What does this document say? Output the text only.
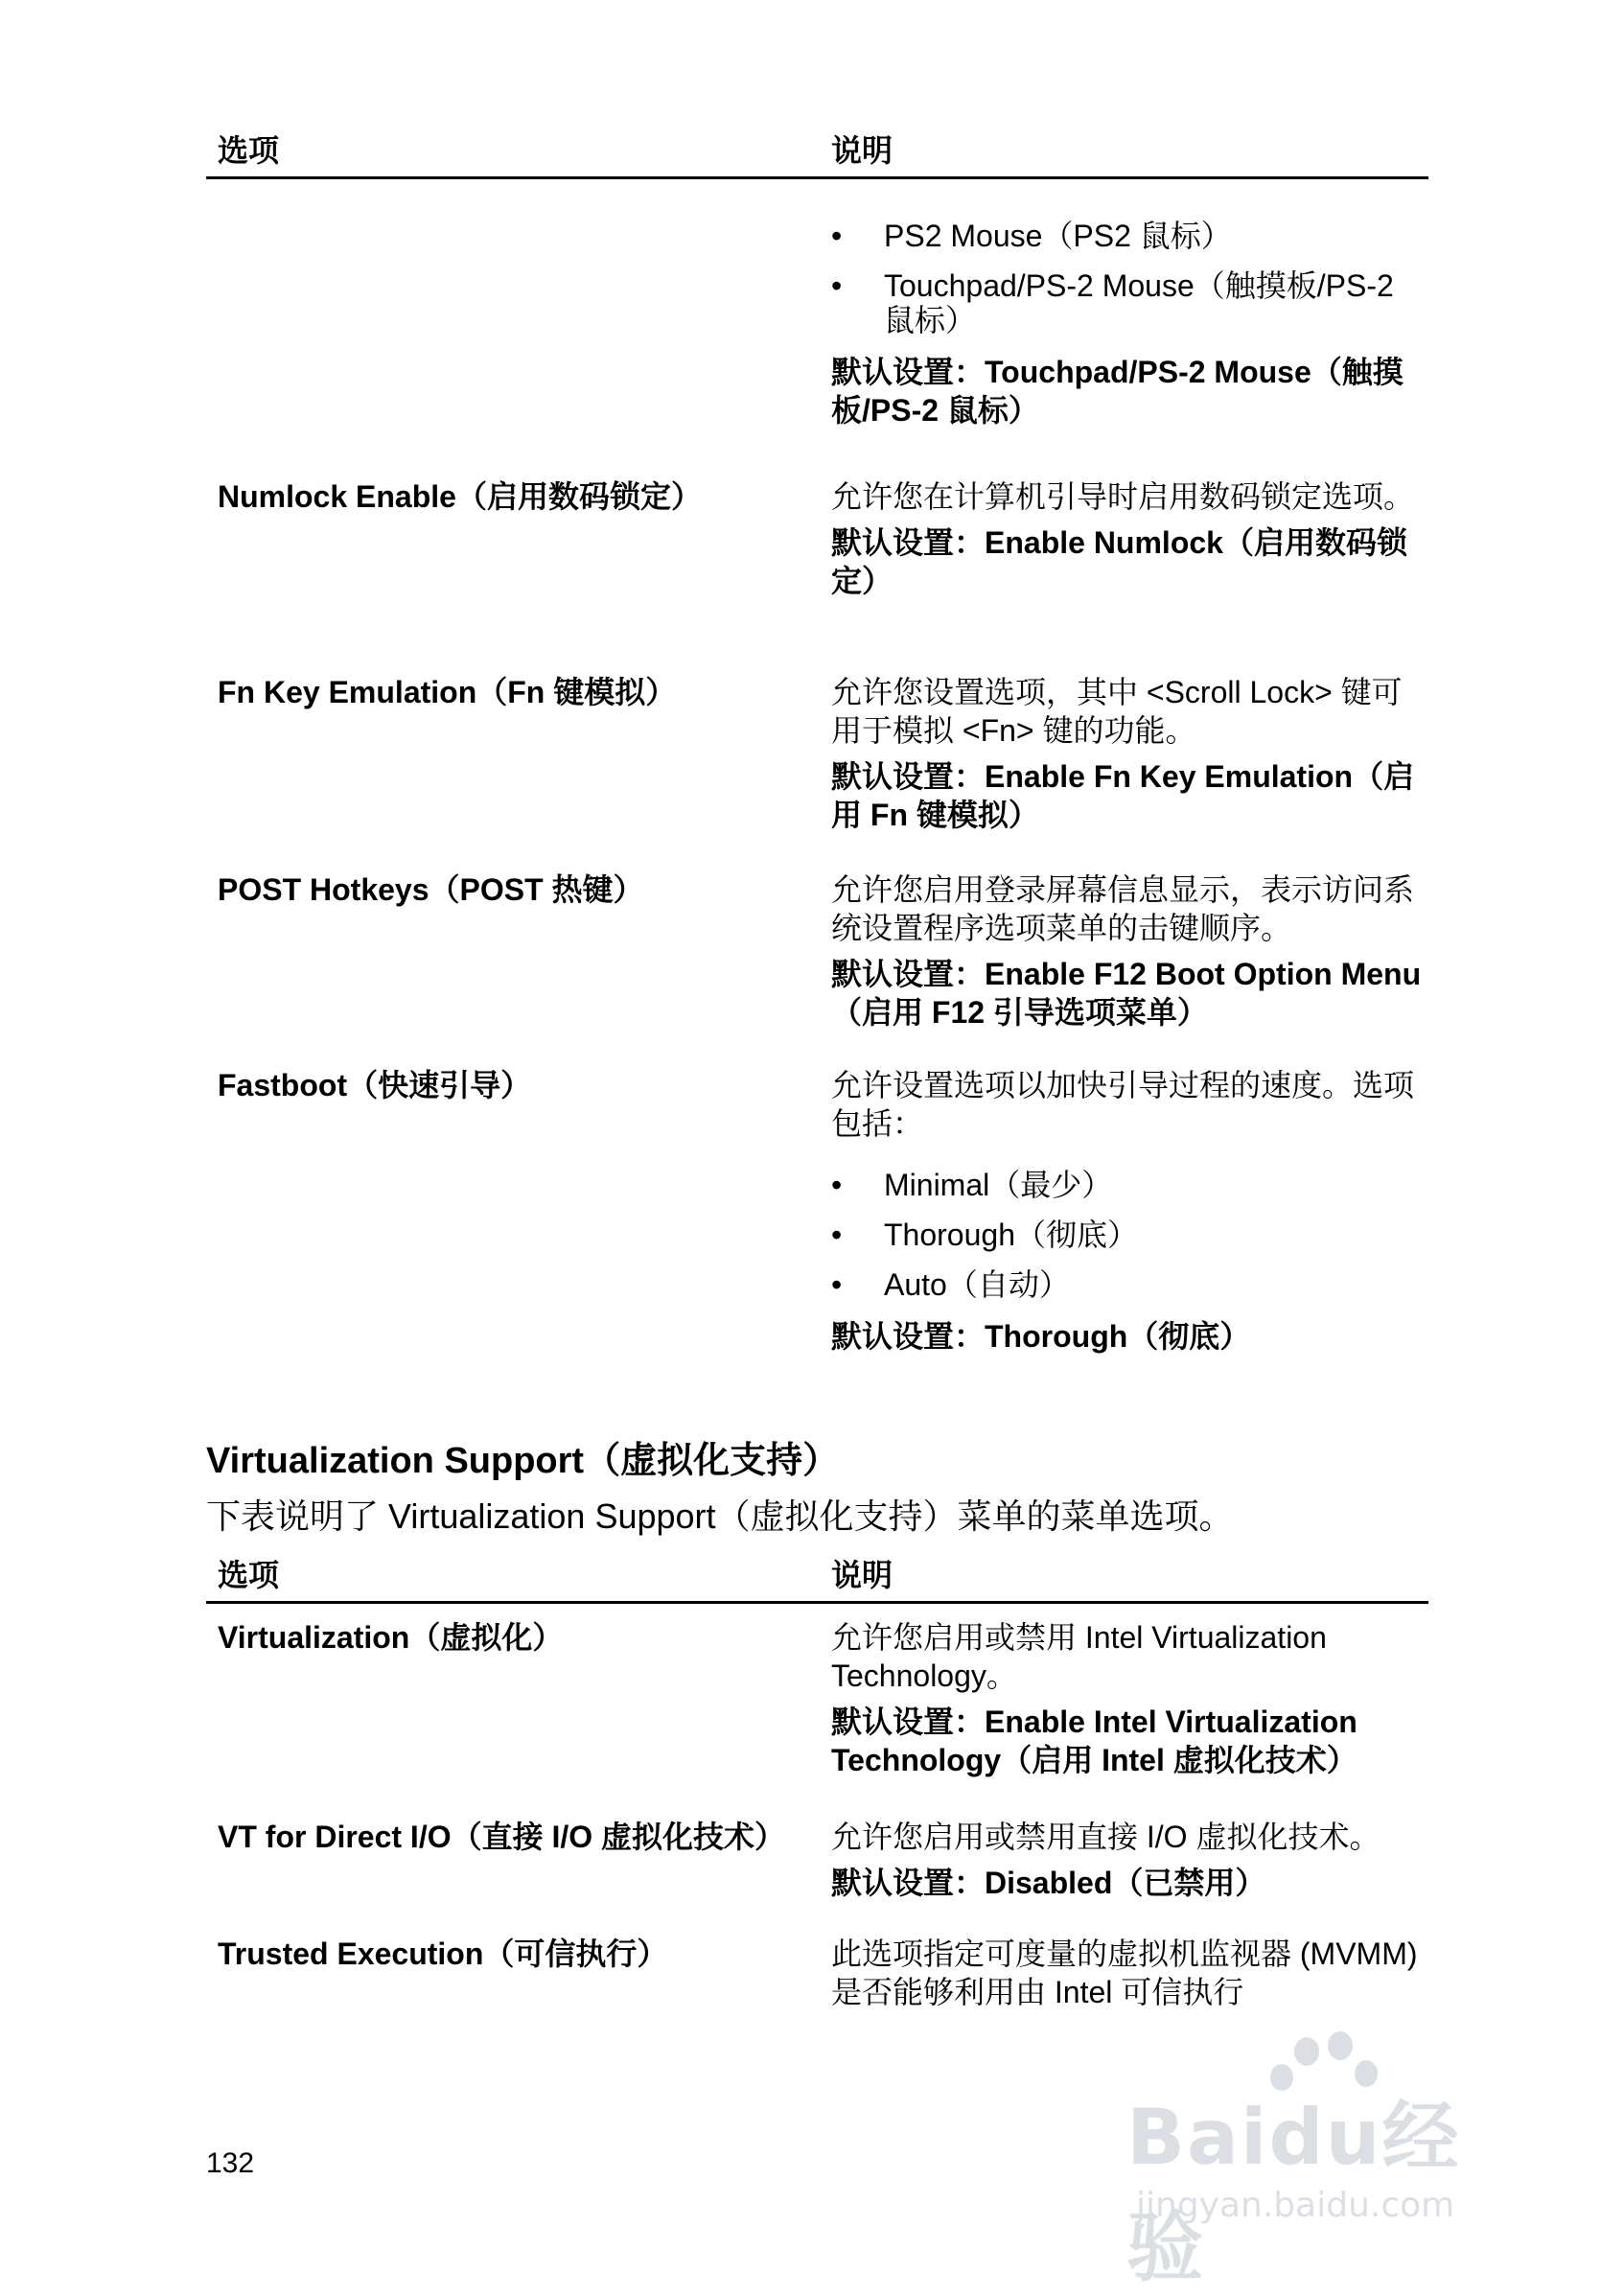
选项	说明
• PS2 Mouse（PS2 鼠标）
• Touchpad/PS-2 Mouse（触摸板/PS-2 鼠标）

默认设置：Touchpad/PS-2 Mouse（触摸板/PS-2 鼠标）

Numlock Enable（启用数码锁定）	允许您在计算机引导时启用数码锁定选项。

默认设置：Enable Numlock（启用数码锁定）

Fn Key Emulation（Fn 键模拟）	允许您设置选项，其中 <Scroll Lock> 键可用于模拟 <Fn> 键的功能。

默认设置：Enable Fn Key Emulation（启用 Fn 键模拟）

POST Hotkeys（POST 热键）	允许您启用登录屏幕信息显示，表示访问系统设置程序选项菜单的击键顺序。

默认设置：Enable F12 Boot Option Menu（启用 F12 引导选项菜单）

Fastboot（快速引导）	允许设置选项以加快引导过程的速度。选项包括：

• Minimal（最少）
• Thorough（彻底）
• Auto（自动）

默认设置：Thorough（彻底）

Virtualization Support（虚拟化支持）
下表说明了 Virtualization Support（虚拟化支持）菜单的菜单选项。
选项	说明
Virtualization（虚拟化）	允许您启用或禁用 Intel Virtualization Technology。

默认设置：Enable Intel Virtualization Technology（启用 Intel 虚拟化技术）

VT for Direct I/O（直接 I/O 虚拟化技术） 允许您启用或禁用直接 I/O 虚拟化技术。

默认设置：Disabled（已禁用）

Trusted Execution（可信执行）	此选项指定可度量的虚拟机监视器 (MVMM) 是否能够利用由 Intel 可信执行

132	Baidu经验
jingyan.baidu.com
